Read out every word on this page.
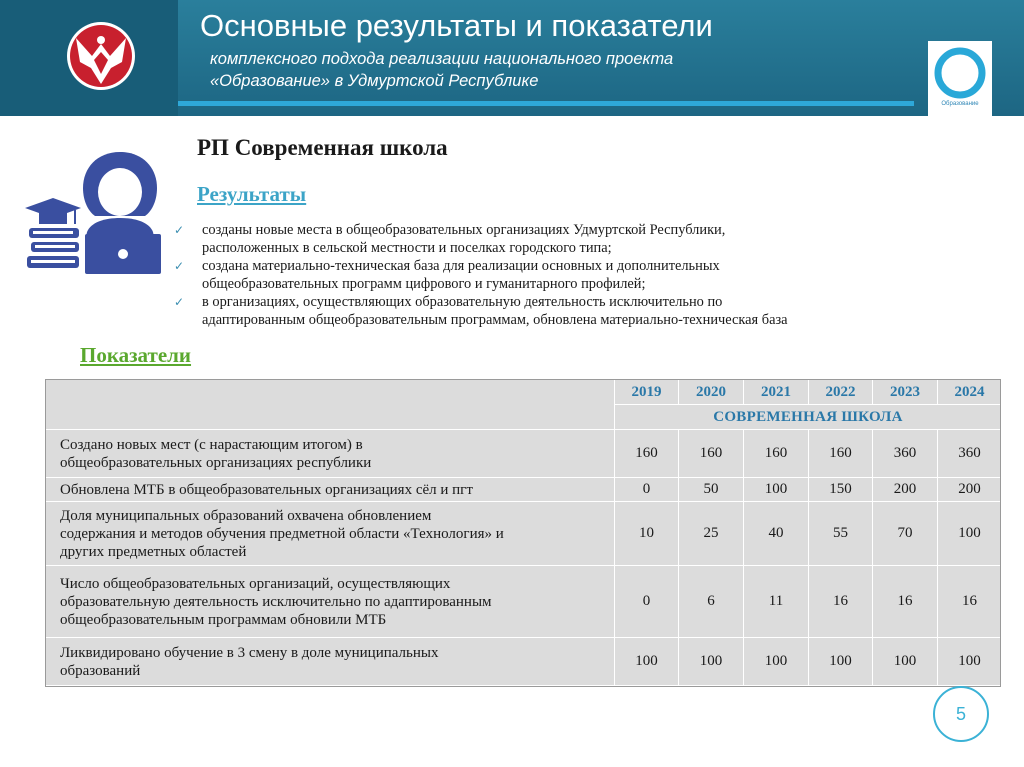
Основные результаты и показатели
комплексного подхода реализации национального проекта
«Образование» в Удмуртской Республике
Образование
РП Современная школа
Результаты
✓ созданы новые места в общеобразовательных организациях Удмуртской Республики,
расположенных в сельской местности и поселках городского типа;
✓ создана материально-техническая база для реализации основных и дополнительных
общеобразовательных программ цифрового и гуманитарного профилей;
✓ в организациях, осуществляющих образовательную деятельность исключительно по
адаптированным общеобразовательным программам, обновлена материально-техническая база
Показатели
	2019	2020	2021	2022	2023	2024
	СОВРЕМЕННАЯ ШКОЛА					

Создано новых мест (с нарастающим итогом) в
общеобразовательных организациях республики	160	160	160	160	360	360

Обновлена МТБ в общеобразовательных организациях сёл и пгт	0	50	100	150	200	200

Доля муниципальных образований охвачена обновлением
содержания и методов обучения предметной области «Технология» и
других предметных областей	10	25	40	55	70	100

Число общеобразовательных организаций, осуществляющих
образовательную деятельность исключительно по адаптированным
общеобразовательным программам обновили МТБ	0	6	11	16	16	16

Ликвидировано обучение в 3 смену в доле муниципальных
образований	100	100	100	100	100	100
5
